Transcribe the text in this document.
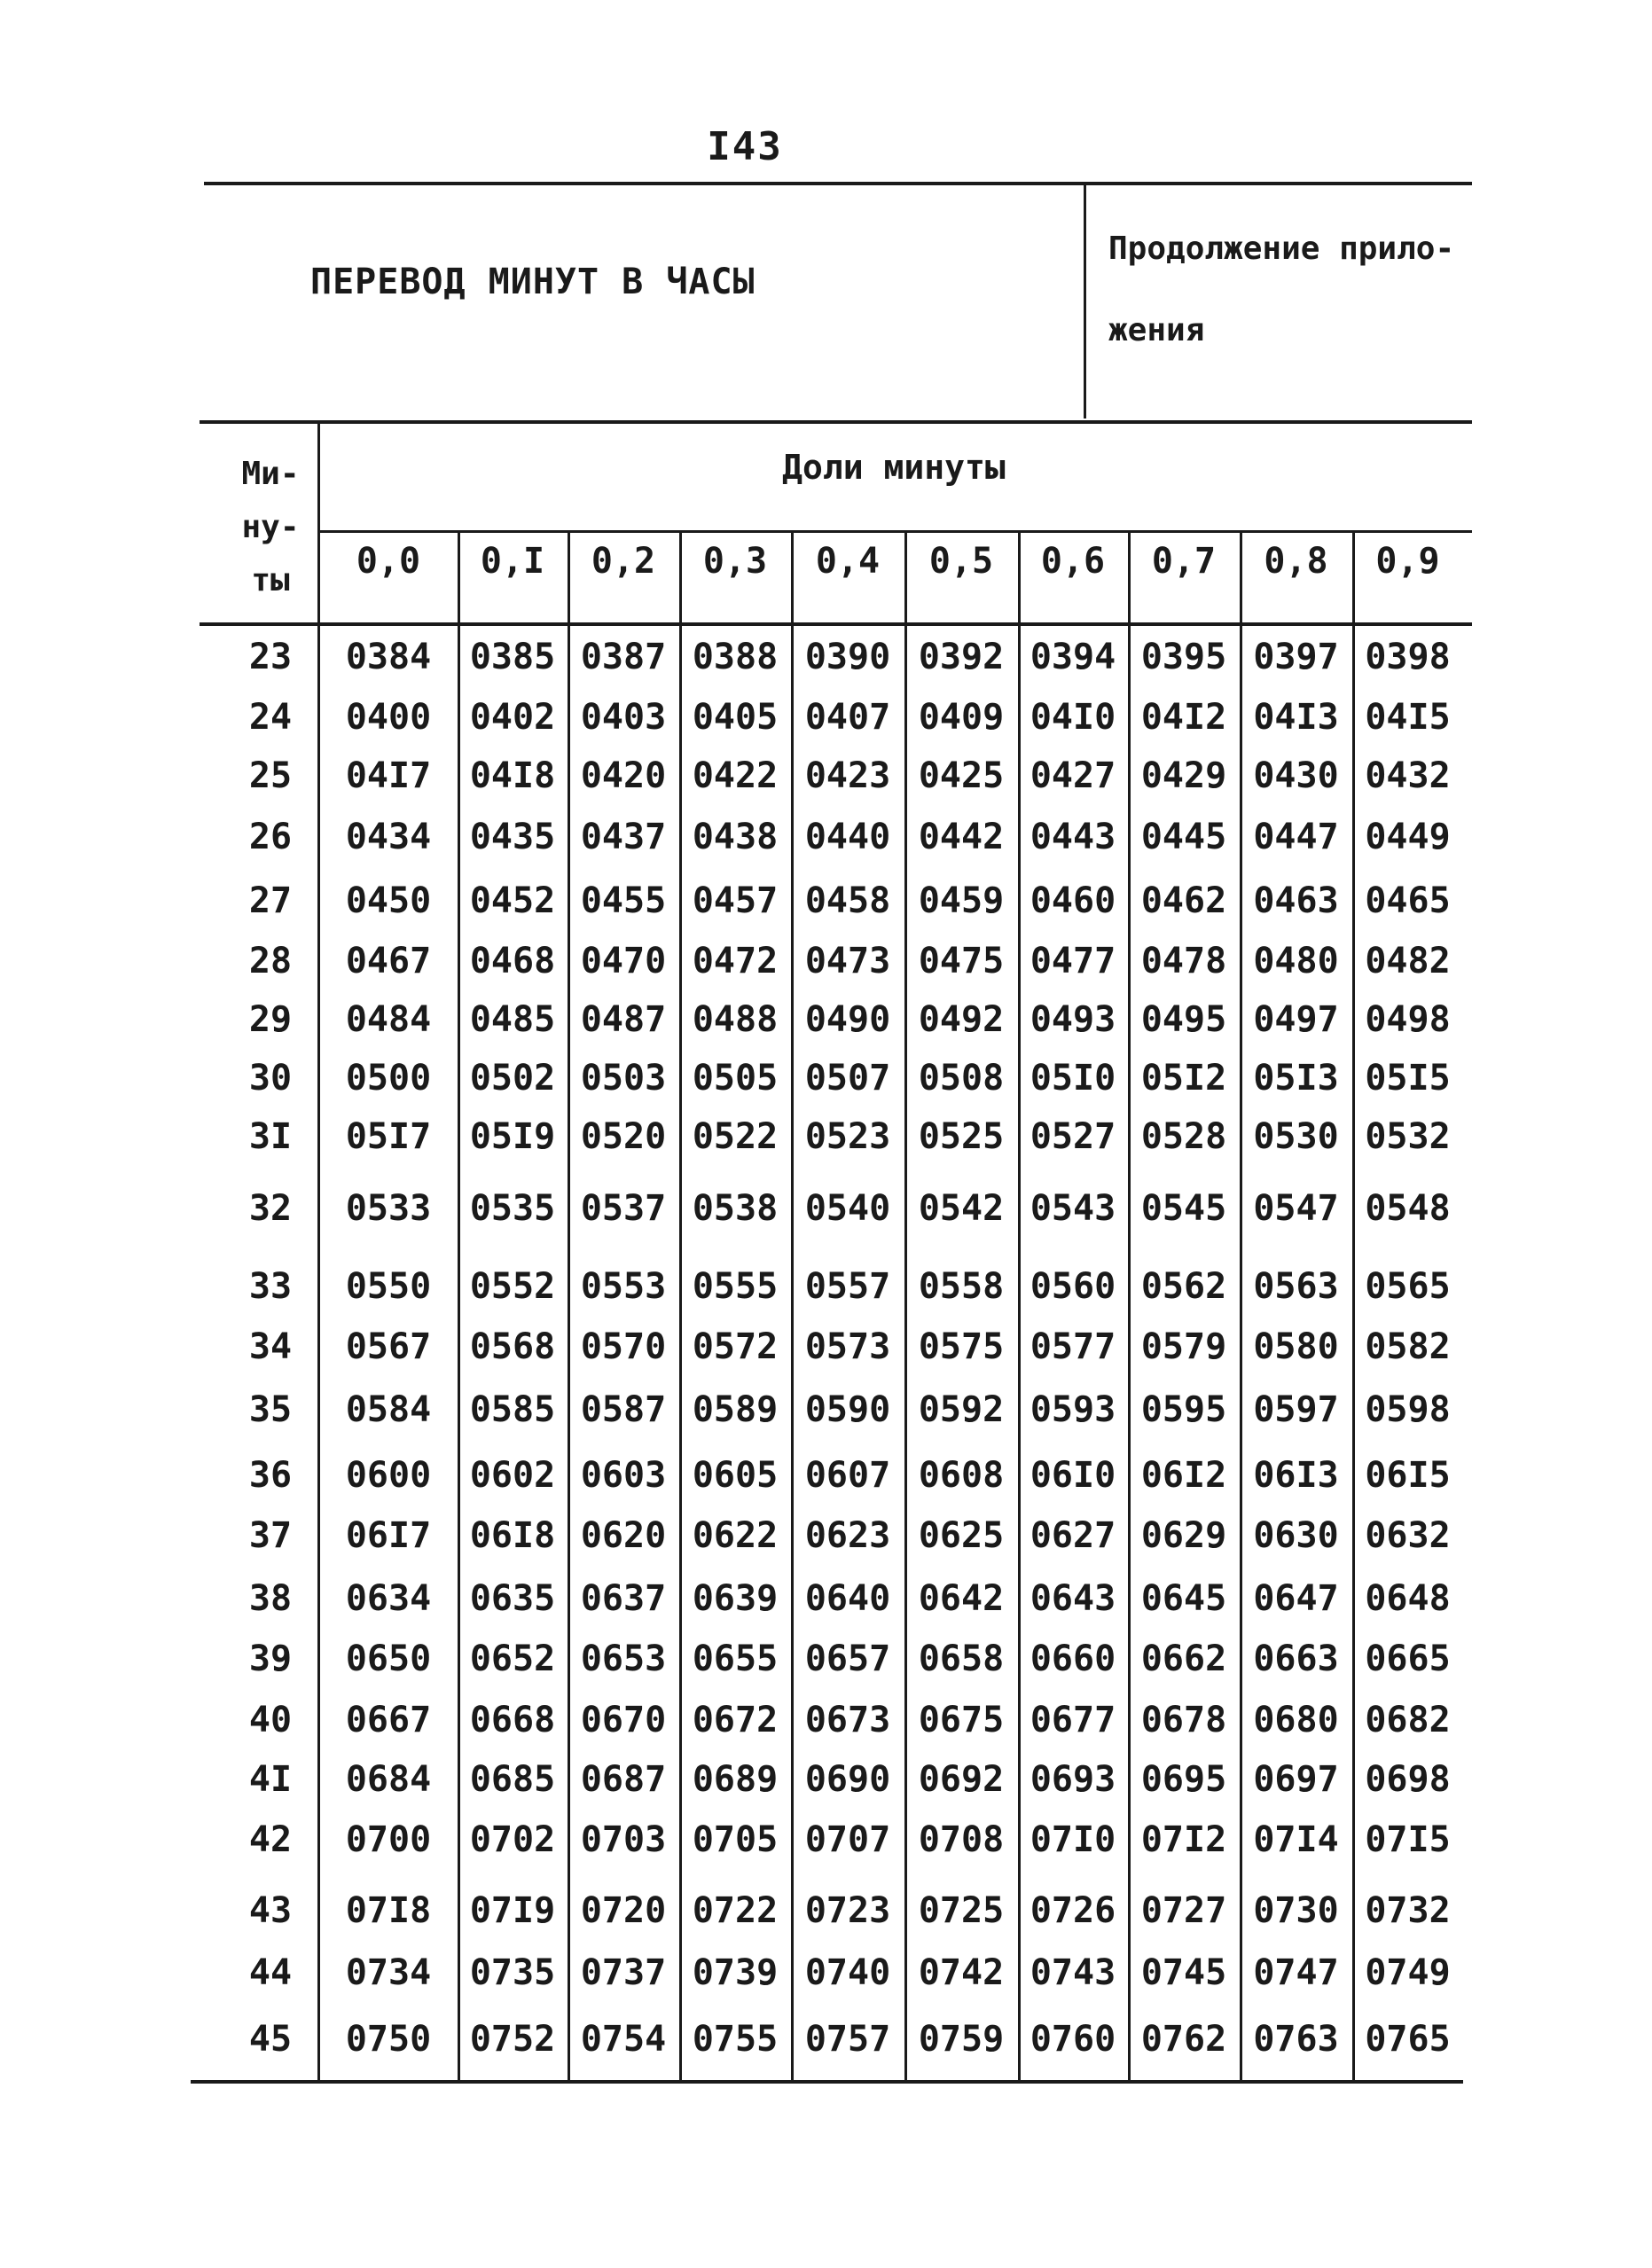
I43
ПЕРЕВОД МИНУТ В ЧАСЫ
Продолжение прило-
жения
Ми-
ну-
ты
Доли минуты
0,0	0,I	0,2	0,3	0,4	0,5	0,6	0,7	0,8	0,9
23	0384	0385 0387 0388 0390 0392 0394 0395 0397 0398
24	0400	0402 0403 0405 0407 0409 04I0 04I2 04I3 04I5
25	04I7	04I8 0420 0422 0423 0425 0427 0429 0430 0432
26	0434	0435 0437 0438 0440 0442 0443 0445 0447 0449
27	0450	0452 0455 0457 0458 0459 0460 0462 0463 0465
28	0467	0468 0470 0472 0473 0475 0477 0478 0480 0482
29	0484	0485 0487 0488 0490 0492 0493 0495 0497 0498
30	0500	0502 0503 0505 0507 0508 05I0 05I2 05I3 05I5
3I	05I7	05I9 0520 0522 0523 0525 0527 0528 0530 0532
32	0533	0535 0537 0538 0540 0542 0543 0545 0547 0548
33	0550	0552 0553 0555 0557 0558 0560 0562 0563 0565
34	0567	0568 0570 0572 0573 0575 0577 0579 0580 0582
35	0584	0585 0587 0589 0590 0592 0593 0595 0597 0598
36	0600	0602 0603 0605 0607 0608 06I0 06I2 06I3 06I5
37	06I7	06I8 0620 0622 0623 0625 0627 0629 0630 0632
38	0634	0635 0637 0639 0640 0642 0643 0645 0647 0648
39	0650	0652 0653 0655 0657 0658 0660 0662 0663 0665
40	0667	0668 0670 0672 0673 0675 0677 0678 0680 0682
4I	0684	0685 0687 0689 0690 0692 0693 0695 0697 0698
42	0700	0702 0703 0705 0707 0708 07I0 07I2 07I4 07I5
43	07I8	07I9 0720 0722 0723 0725 0726 0727 0730 0732
44	0734	0735 0737 0739 0740 0742 0743 0745 0747 0749
45	0750	0752 0754 0755 0757 0759 0760 0762 0763 0765
